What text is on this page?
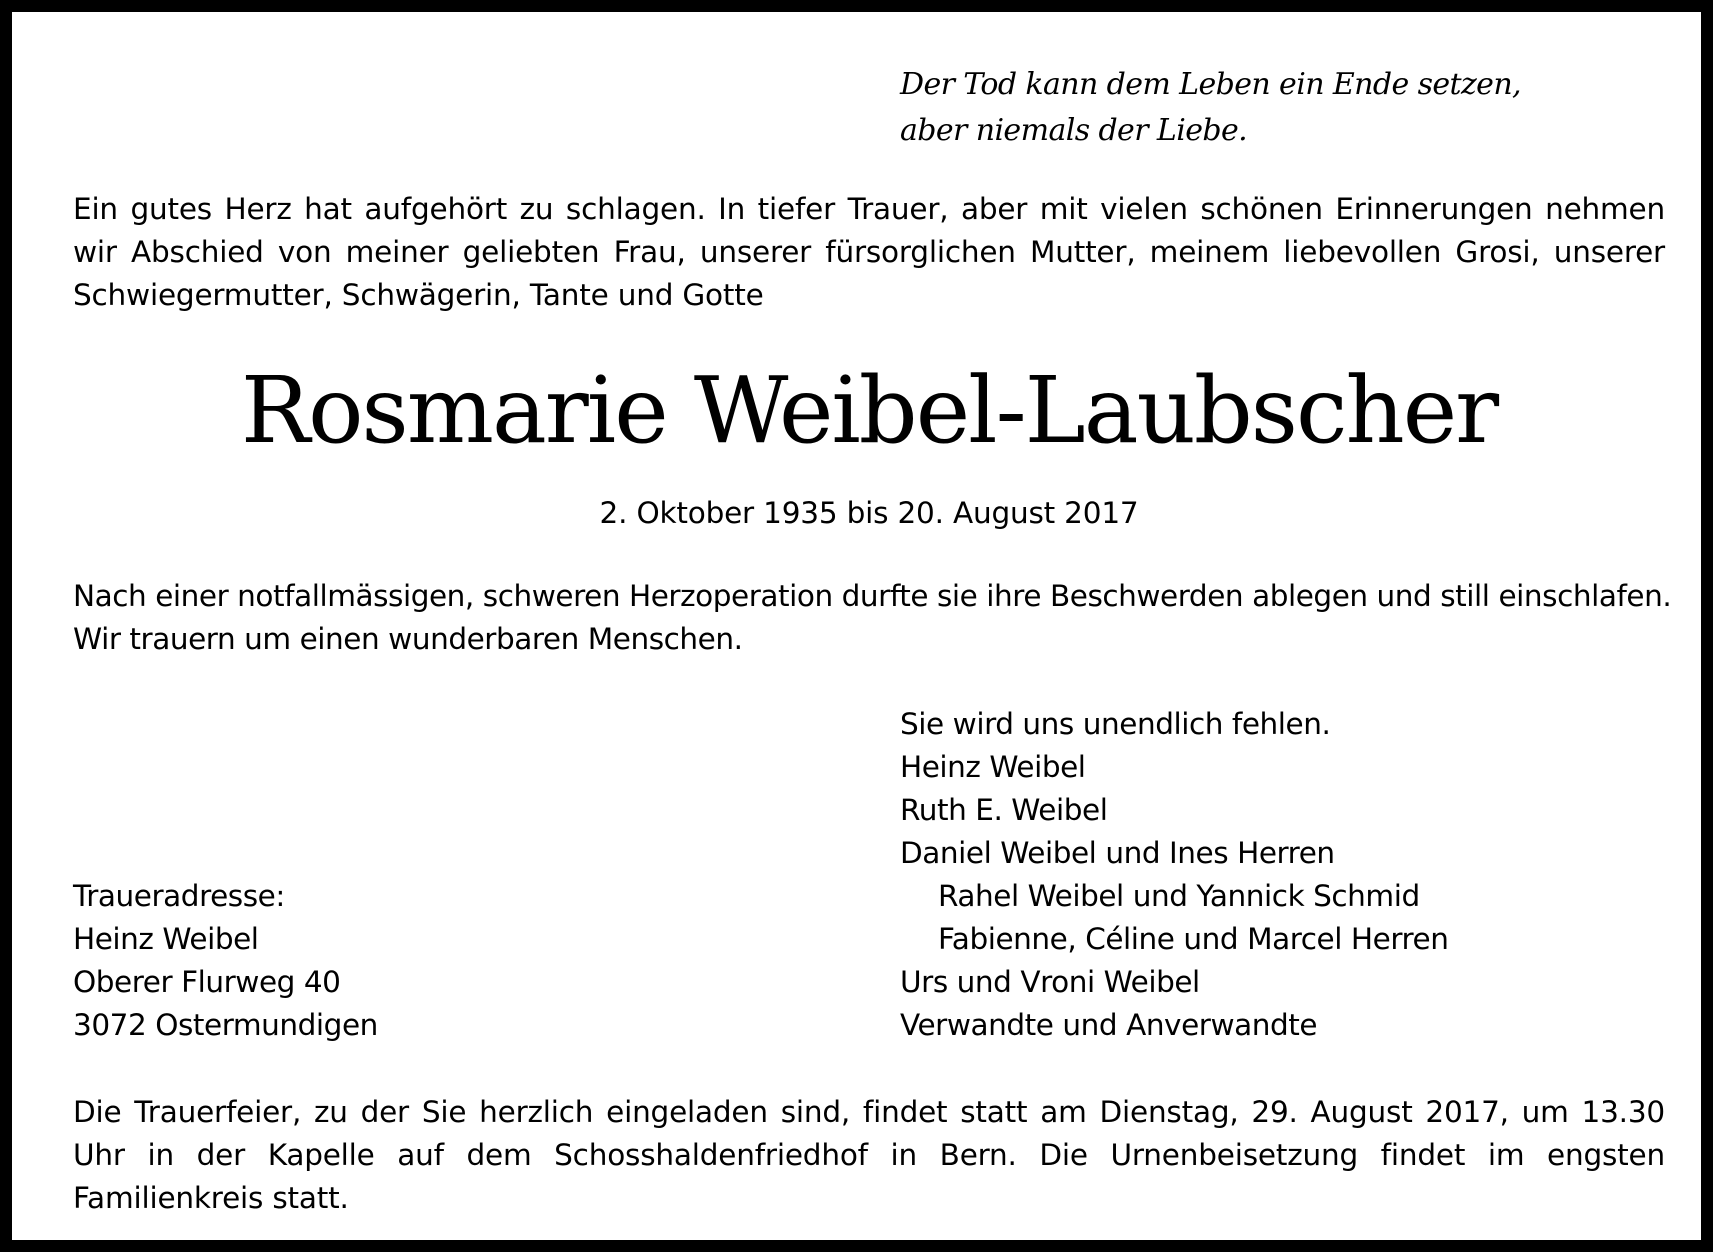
Der Tod kann dem Leben ein Ende setzen,
aber niemals der Liebe.
Ein gutes Herz hat aufgehört zu schlagen. In tiefer Trauer, aber mit vielen schönen Erinnerungen nehmen wir Abschied von meiner geliebten Frau, unserer fürsorglichen Mutter, meinem liebevollen Grosi, unserer Schwiegermutter, Schwägerin, Tante und Gotte
Rosmarie Weibel-Laubscher
2. Oktober 1935 bis 20. August 2017
Nach einer notfallmässigen, schweren Herzoperation durfte sie ihre Beschwerden ablegen und still einschlafen.
Wir trauern um einen wunderbaren Menschen.
Sie wird uns unendlich fehlen.
Heinz Weibel
Ruth E. Weibel
Daniel Weibel und Ines Herren
Rahel Weibel und Yannick Schmid
Fabienne, Céline und Marcel Herren
Urs und Vroni Weibel
Verwandte und Anverwandte
Traueradresse:
Heinz Weibel
Oberer Flurweg 40
3072 Ostermundigen
Die Trauerfeier, zu der Sie herzlich eingeladen sind, findet statt am Dienstag, 29. August 2017, um 13.30 Uhr in der Kapelle auf dem Schosshaldenfriedhof in Bern. Die Urnenbeisetzung findet im engsten Familienkreis statt.
